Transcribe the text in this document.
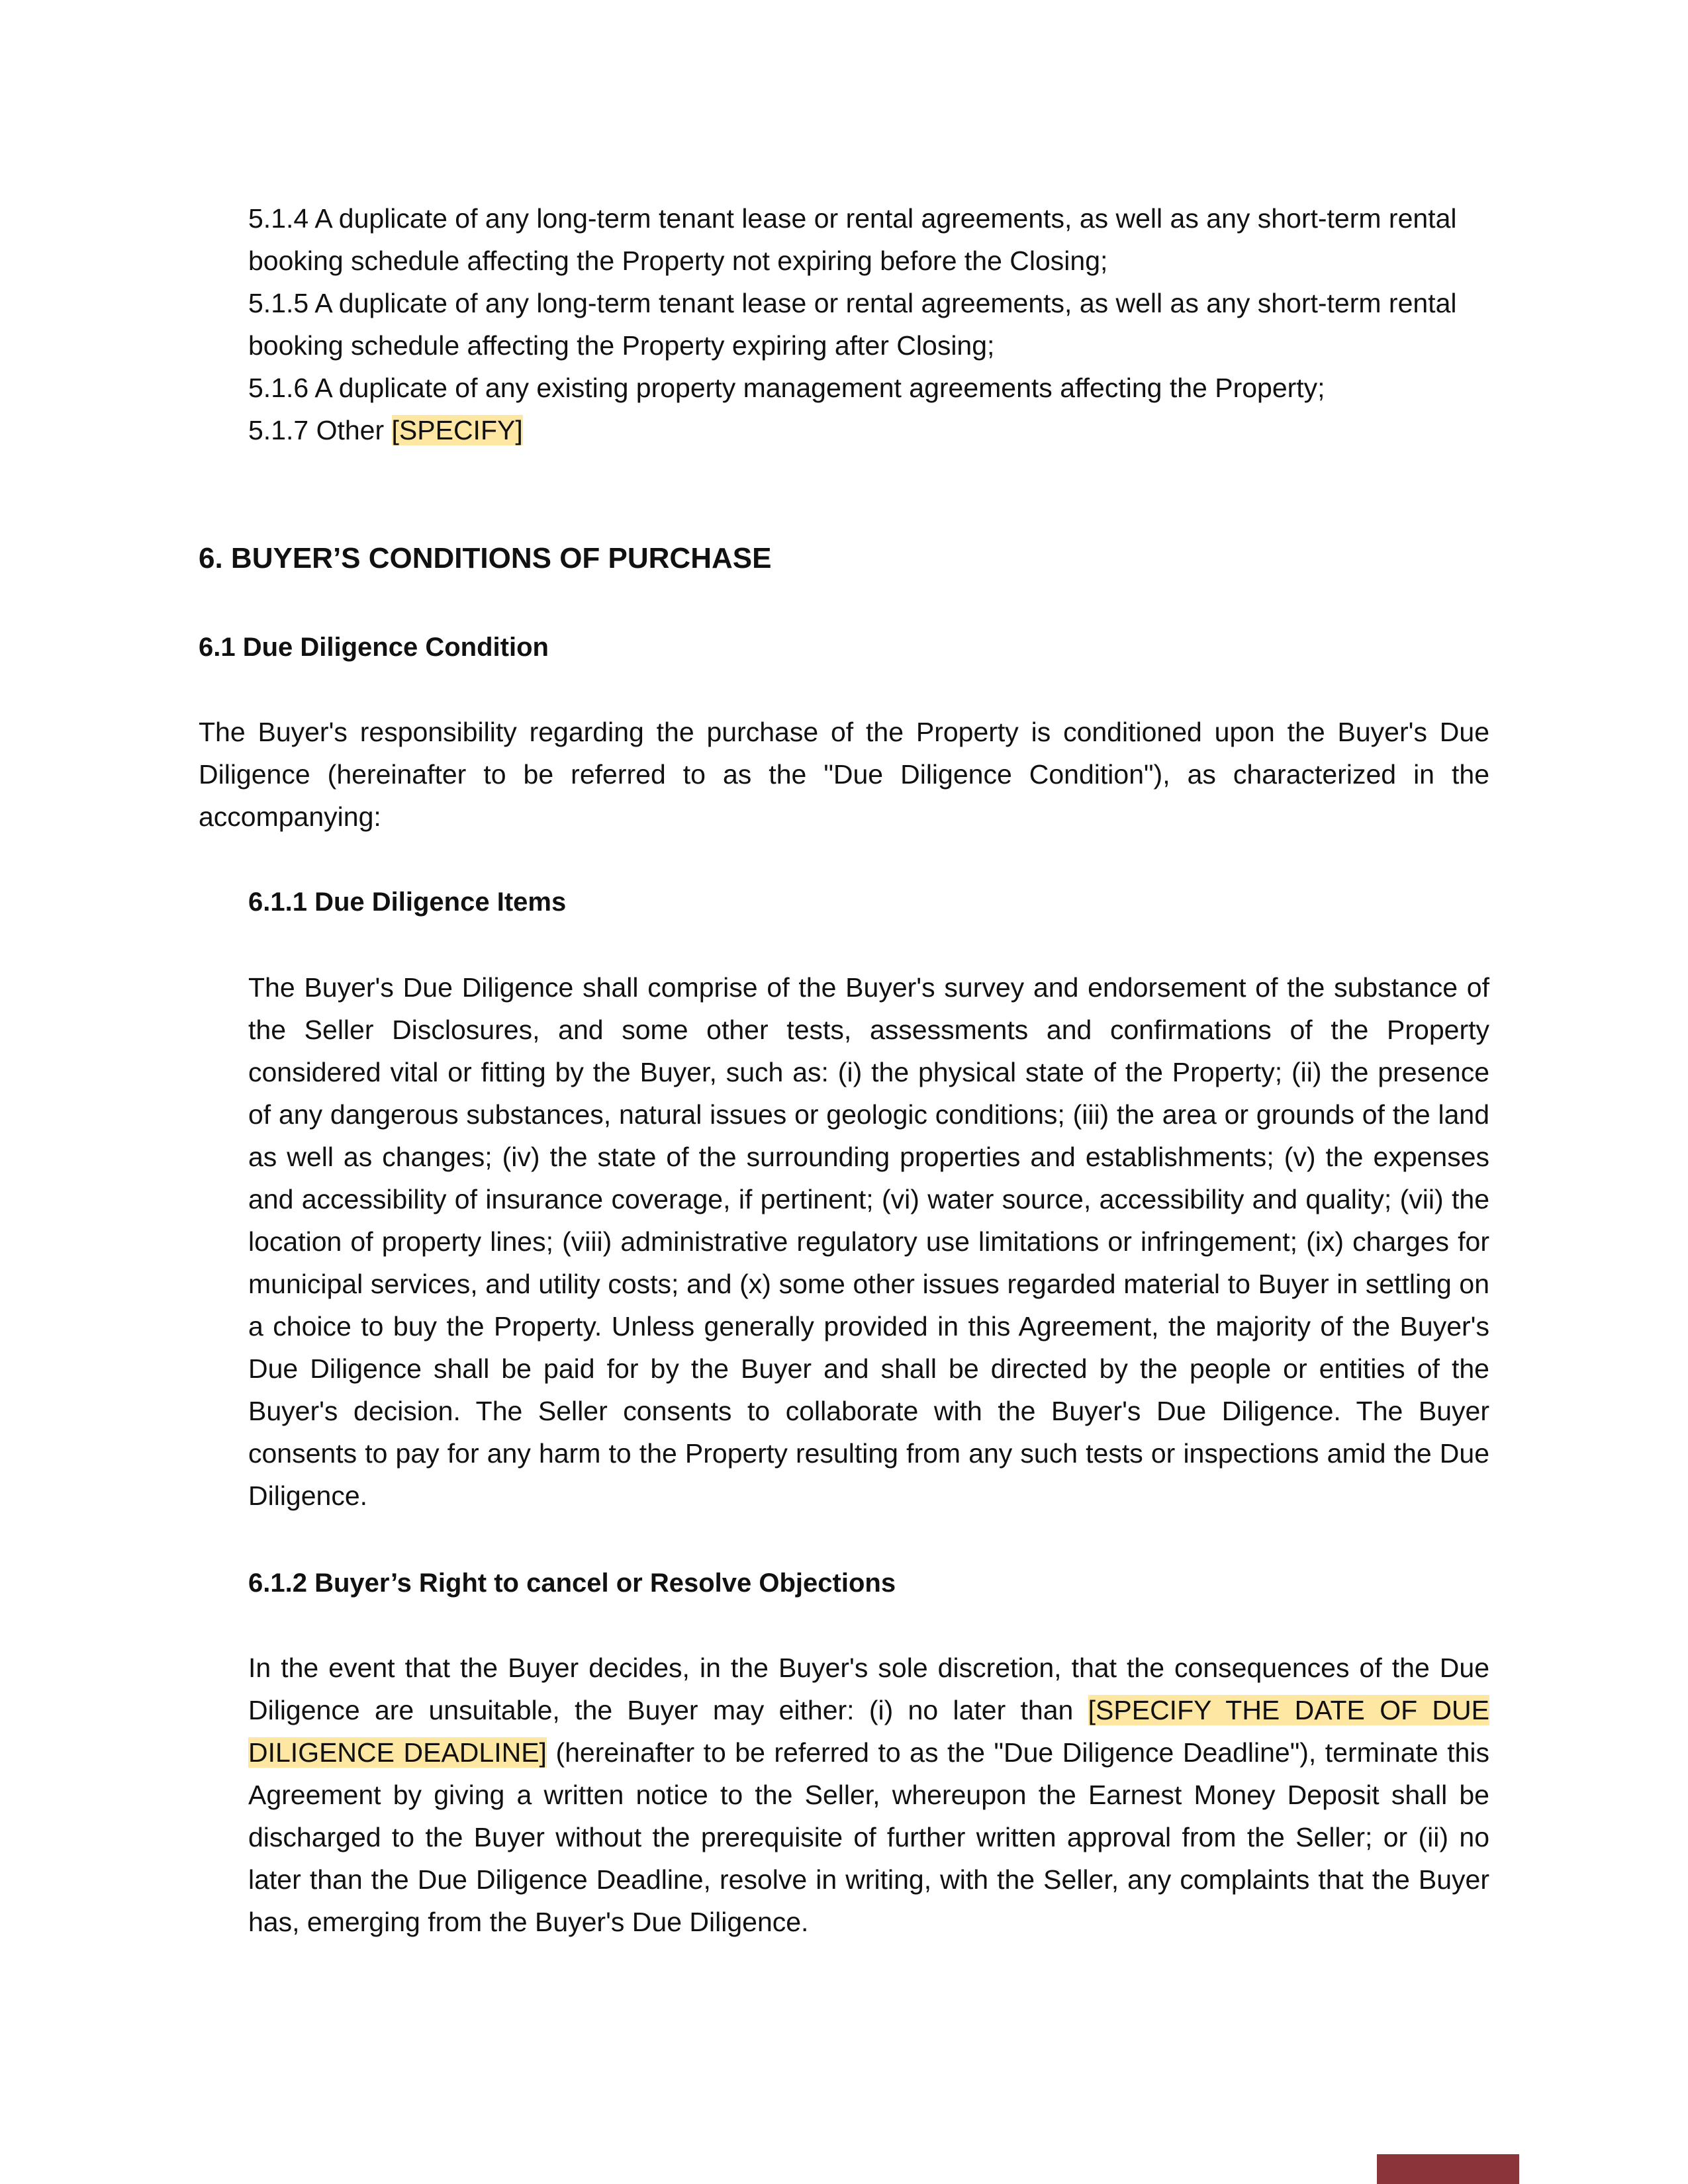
5.1.4 A duplicate of any long-term tenant lease or rental agreements, as well as any short-term rental booking schedule affecting the Property not expiring before the Closing;
5.1.5 A duplicate of any long-term tenant lease or rental agreements, as well as any short-term rental booking schedule affecting the Property expiring after Closing;
5.1.6 A duplicate of any existing property management agreements affecting the Property;
5.1.7 Other [SPECIFY]
6. BUYER’S CONDITIONS OF PURCHASE
6.1 Due Diligence Condition

The Buyer's responsibility regarding the purchase of the Property is conditioned upon the Buyer's Due Diligence (hereinafter to be referred to as the "Due Diligence Condition"), as characterized in the accompanying:

6.1.1 Due Diligence Items

The Buyer's Due Diligence shall comprise of the Buyer's survey and endorsement of the substance of the Seller Disclosures, and some other tests, assessments and confirmations of the Property considered vital or fitting by the Buyer, such as: (i) the physical state of the Property; (ii) the presence of any dangerous substances, natural issues or geologic conditions; (iii) the area or grounds of the land as well as changes; (iv) the state of the surrounding properties and establishments; (v) the expenses and accessibility of insurance coverage, if pertinent; (vi) water source, accessibility and quality; (vii) the location of property lines; (viii) administrative regulatory use limitations or infringement; (ix) charges for municipal services, and utility costs; and (x) some other issues regarded material to Buyer in settling on a choice to buy the Property. Unless generally provided in this Agreement, the majority of the Buyer's Due Diligence shall be paid for by the Buyer and shall be directed by the people or entities of the Buyer's decision. The Seller consents to collaborate with the Buyer's Due Diligence. The Buyer consents to pay for any harm to the Property resulting from any such tests or inspections amid the Due Diligence.

6.1.2 Buyer’s Right to cancel or Resolve Objections

In the event that the Buyer decides, in the Buyer's sole discretion, that the consequences of the Due Diligence are unsuitable, the Buyer may either: (i) no later than [SPECIFY THE DATE OF DUE DILIGENCE DEADLINE] (hereinafter to be referred to as the "Due Diligence Deadline"), terminate this Agreement by giving a written notice to the Seller, whereupon the Earnest Money Deposit shall be discharged to the Buyer without the prerequisite of further written approval from the Seller; or (ii) no later than the Due Diligence Deadline, resolve in writing, with the Seller, any complaints that the Buyer has, emerging from the Buyer's Due Diligence.
